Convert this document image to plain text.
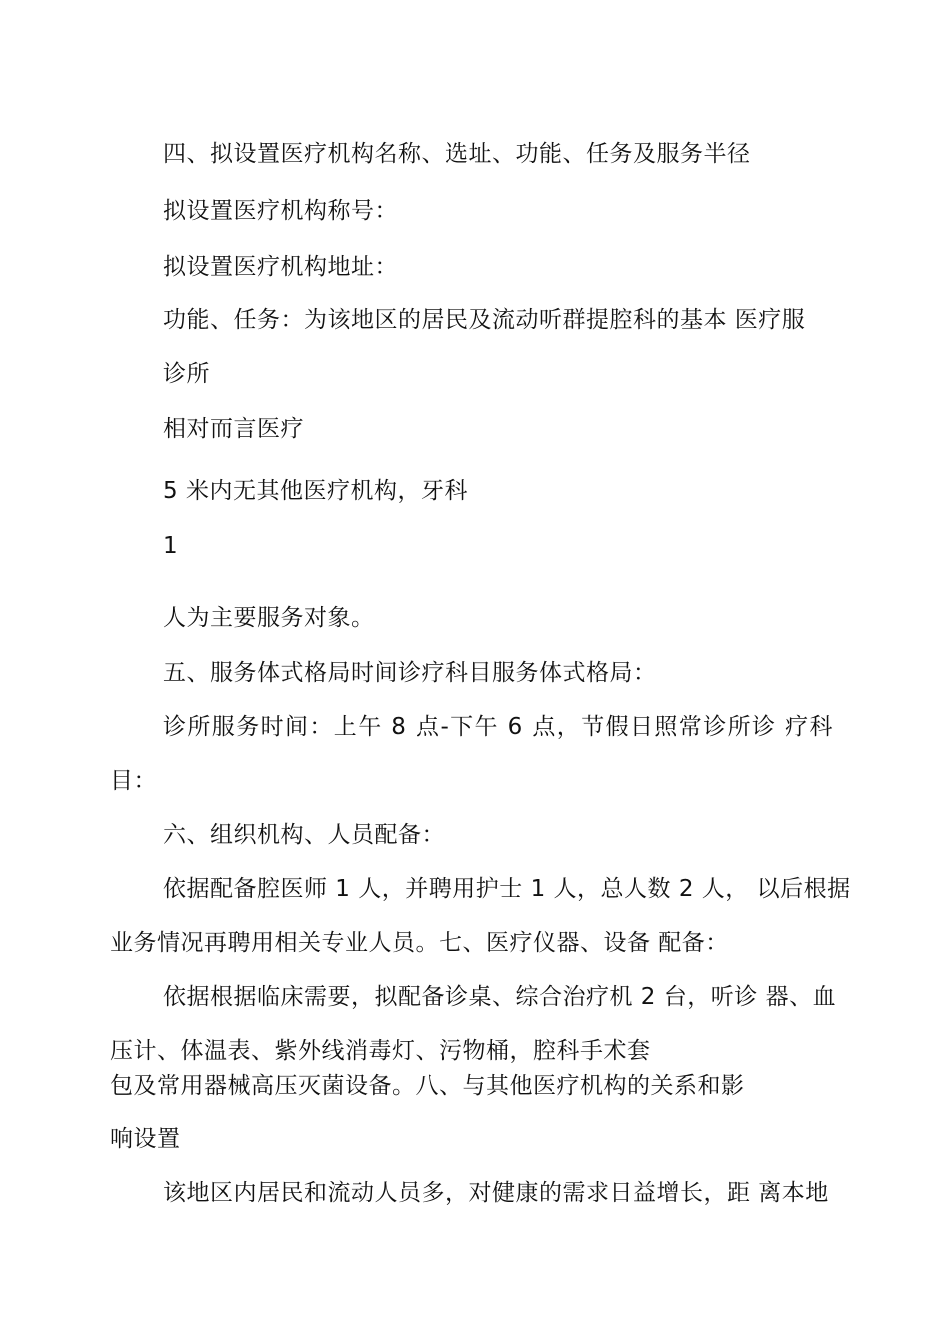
四、拟设置医疗机构名称、选址、功能、任务及服务半径
拟设置医疗机构称号：
拟设置医疗机构地址：
功能、任务：为该地区的居民及流动听群提腔科的基本 医疗服
诊所
相对而言医疗
5 米内无其他医疗机构，牙科
1
人为主要服务对象。
五、服务体式格局时间诊疗科目服务体式格局：
诊所服务时间：上午 8 点-下午 6 点，节假日照常诊所诊 疗科
目：
六、组织机构、人员配备：
依据配备腔医师 1 人，并聘用护士 1 人，总人数 2 人， 以后根据
业务情况再聘用相关专业人员。七、医疗仪器、设备 配备：
依据根据临床需要，拟配备诊桌、综合治疗机 2 台，听诊 器、血
压计、体温表、紫外线消毒灯、污物桶，腔科手术套
包及常用器械高压灭菌设备。八、与其他医疗机构的关系和影
响设置
该地区内居民和流动人员多，对健康的需求日益增长，距 离本地
